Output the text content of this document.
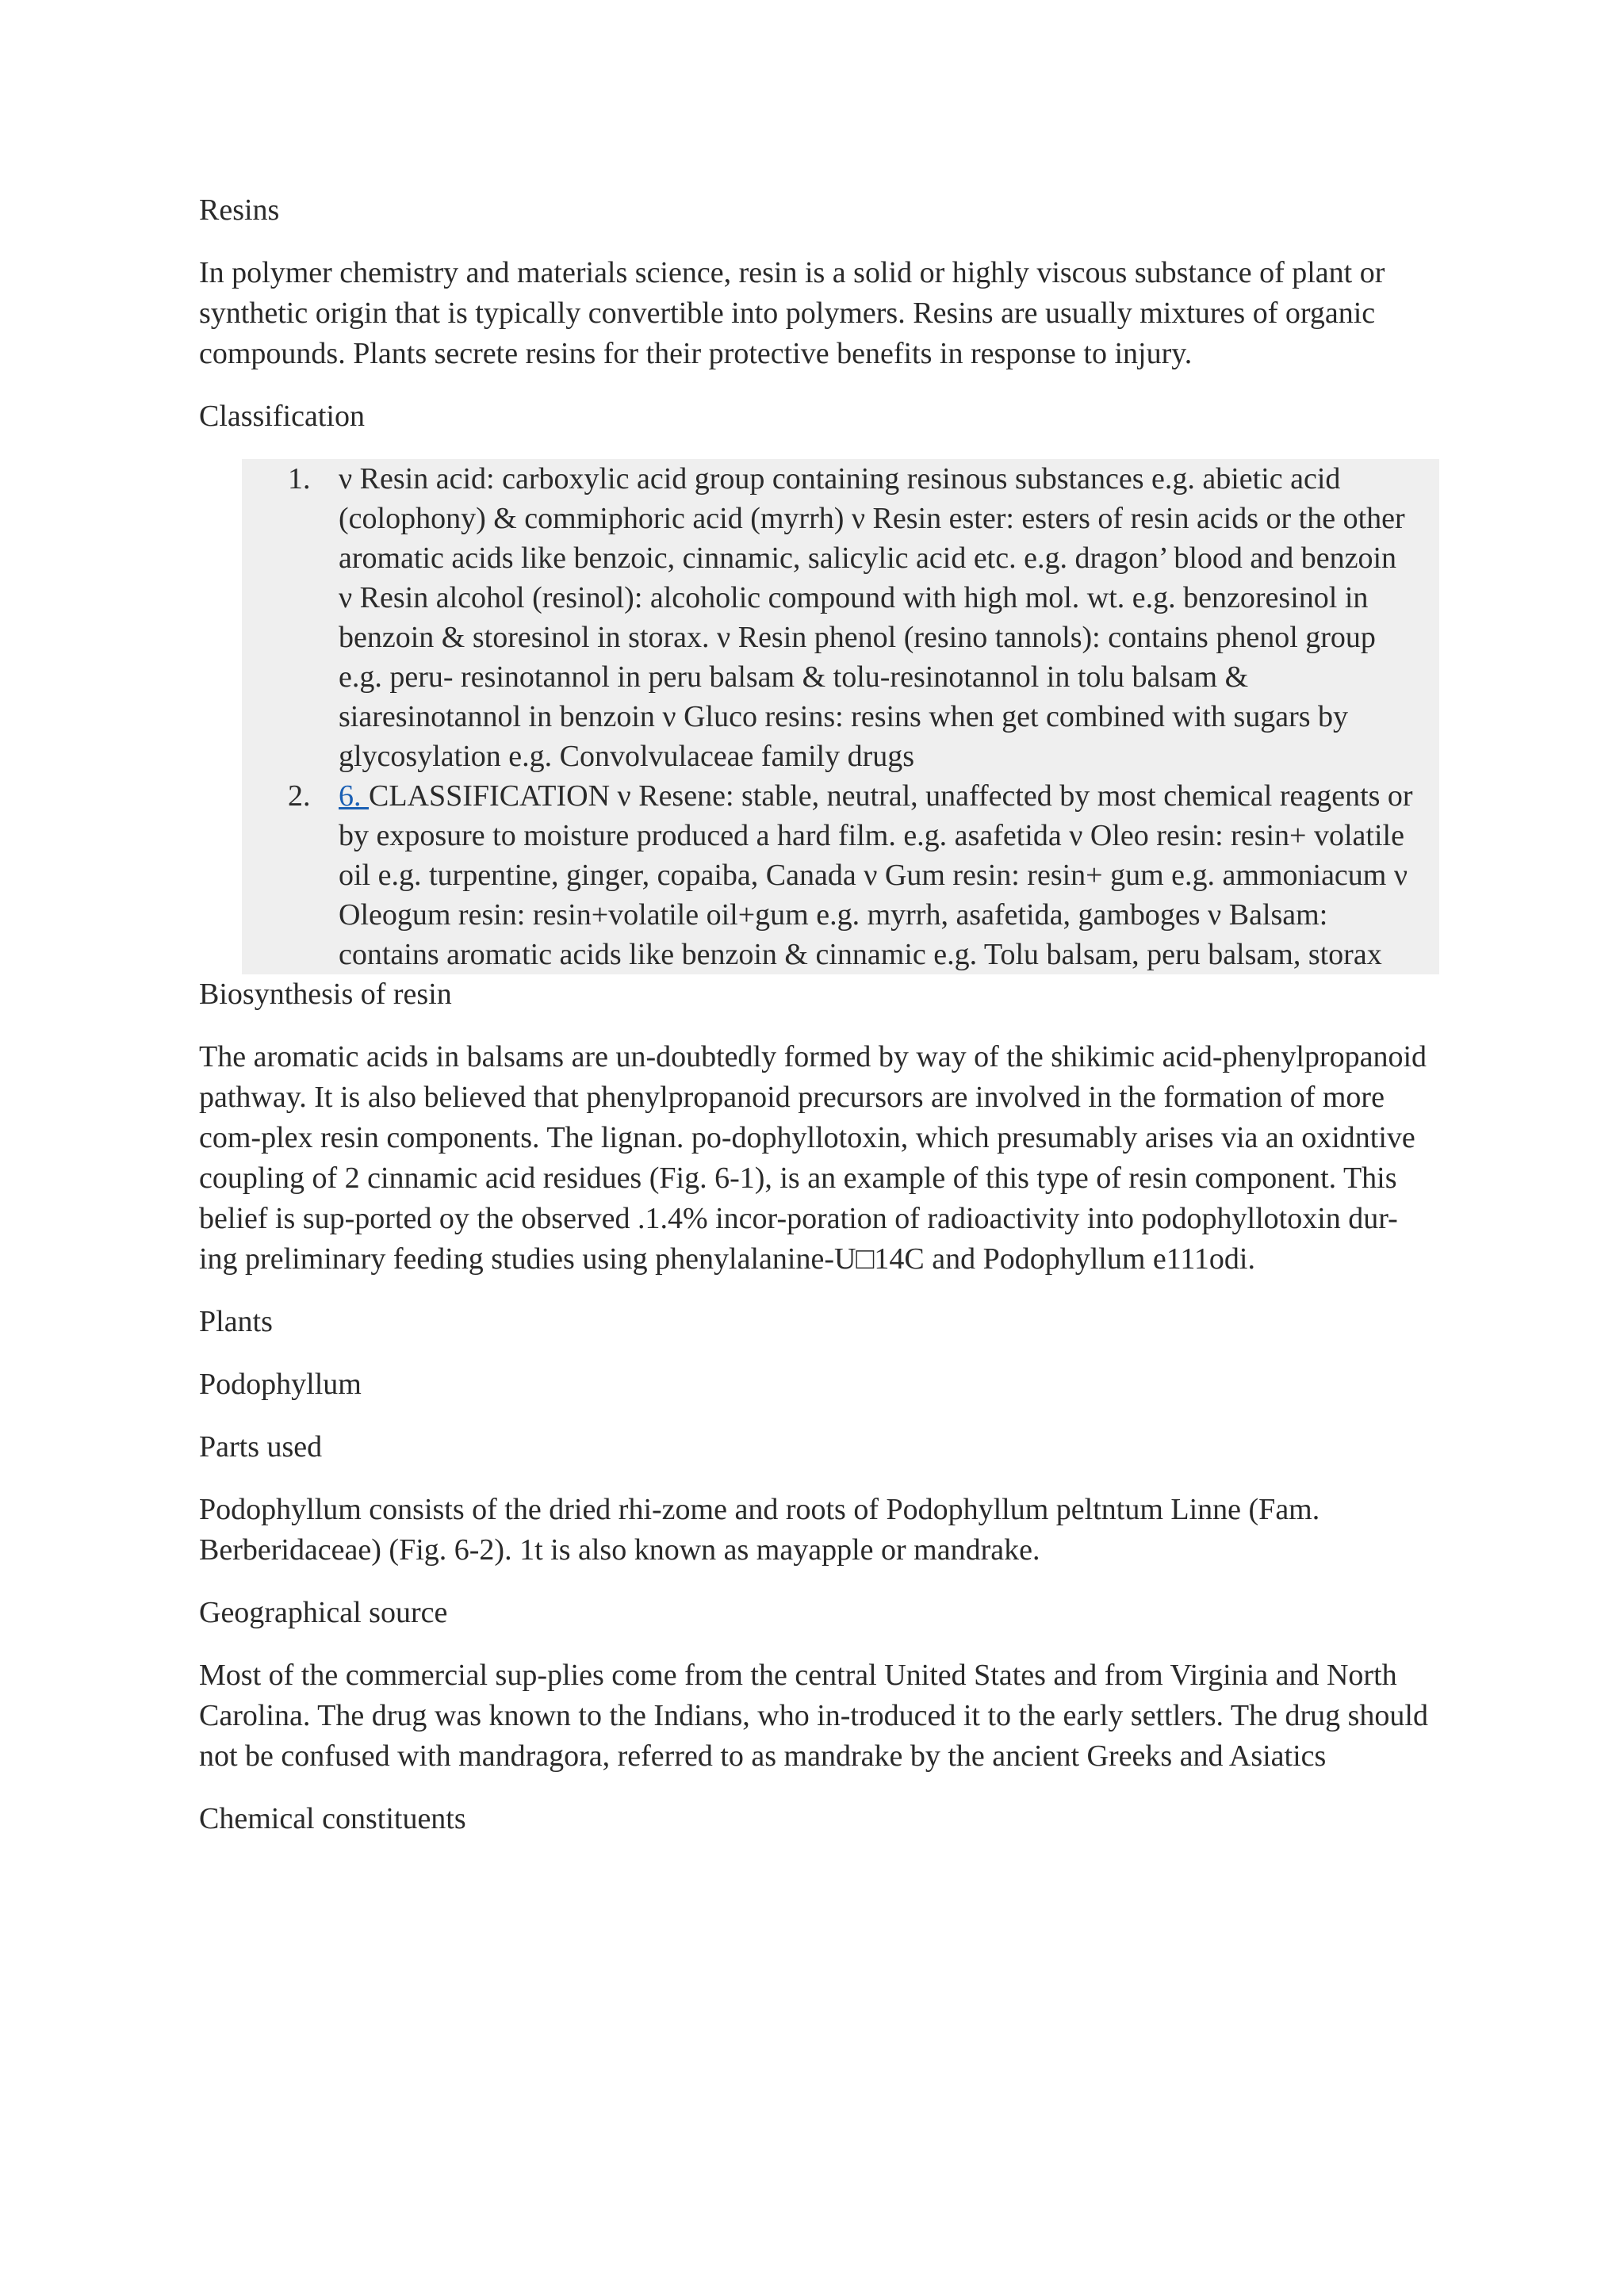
Resins

In polymer chemistry and materials science, resin is a solid or highly viscous substance of plant or synthetic origin that is typically convertible into polymers. Resins are usually mixtures of organic compounds. Plants secrete resins for their protective benefits in response to injury.

Classification

1. ν Resin acid: carboxylic acid group containing resinous substances e.g. abietic acid (colophony) & commiphoric acid (myrrh) ν Resin ester: esters of resin acids or the other aromatic acids like benzoic, cinnamic, salicylic acid etc. e.g. dragon’ blood and benzoin ν Resin alcohol (resinol): alcoholic compound with high mol. wt. e.g. benzoresinol in benzoin & storesinol in storax. ν Resin phenol (resino tannols): contains phenol group e.g. peru- resinotannol in peru balsam & tolu-resinotannol in tolu balsam & siaresinotannol in benzoin ν Gluco resins: resins when get combined with sugars by glycosylation e.g. Convolvulaceae family drugs
2. 6. CLASSIFICATION ν Resene: stable, neutral, unaffected by most chemical reagents or by exposure to moisture produced a hard film. e.g. asafetida ν Oleo resin: resin+ volatile oil e.g. turpentine, ginger, copaiba, Canada ν Gum resin: resin+ gum e.g. ammoniacum ν Oleogum resin: resin+volatile oil+gum e.g. myrrh, asafetida, gamboges ν Balsam: contains aromatic acids like benzoin & cinnamic e.g. Tolu balsam, peru balsam, storax

Biosynthesis of resin

The aromatic acids in balsams are un-doubtedly formed by way of the shikimic acid-phenylpropanoid pathway. It is also believed that phenylpropanoid precursors are involved in the formation of more com-plex resin components. The lignan. po-dophyllotoxin, which presumably arises via an oxidntive coupling of 2 cinnamic acid residues (Fig. 6-1), is an example of this type of resin component. This belief is sup-ported oy the observed .1.4% incor-poration of radioactivity into podophyllotoxin dur-ing preliminary feeding studies using phenylalanine-U□14C and Podophyllum e111odi.

Plants

Podophyllum

Parts used

Podophyllum consists of the dried rhi-zome and roots of Podophyllum peltntum Linne (Fam. Berberidaceae) (Fig. 6-2). 1t is also known as mayapple or mandrake.

Geographical source

Most of the commercial sup-plies come from the central United States and from Virginia and North Carolina. The drug was known to the Indians, who in-troduced it to the early settlers. The drug should not be confused with mandragora, referred to as mandrake by the ancient Greeks and Asiatics

Chemical constituents
